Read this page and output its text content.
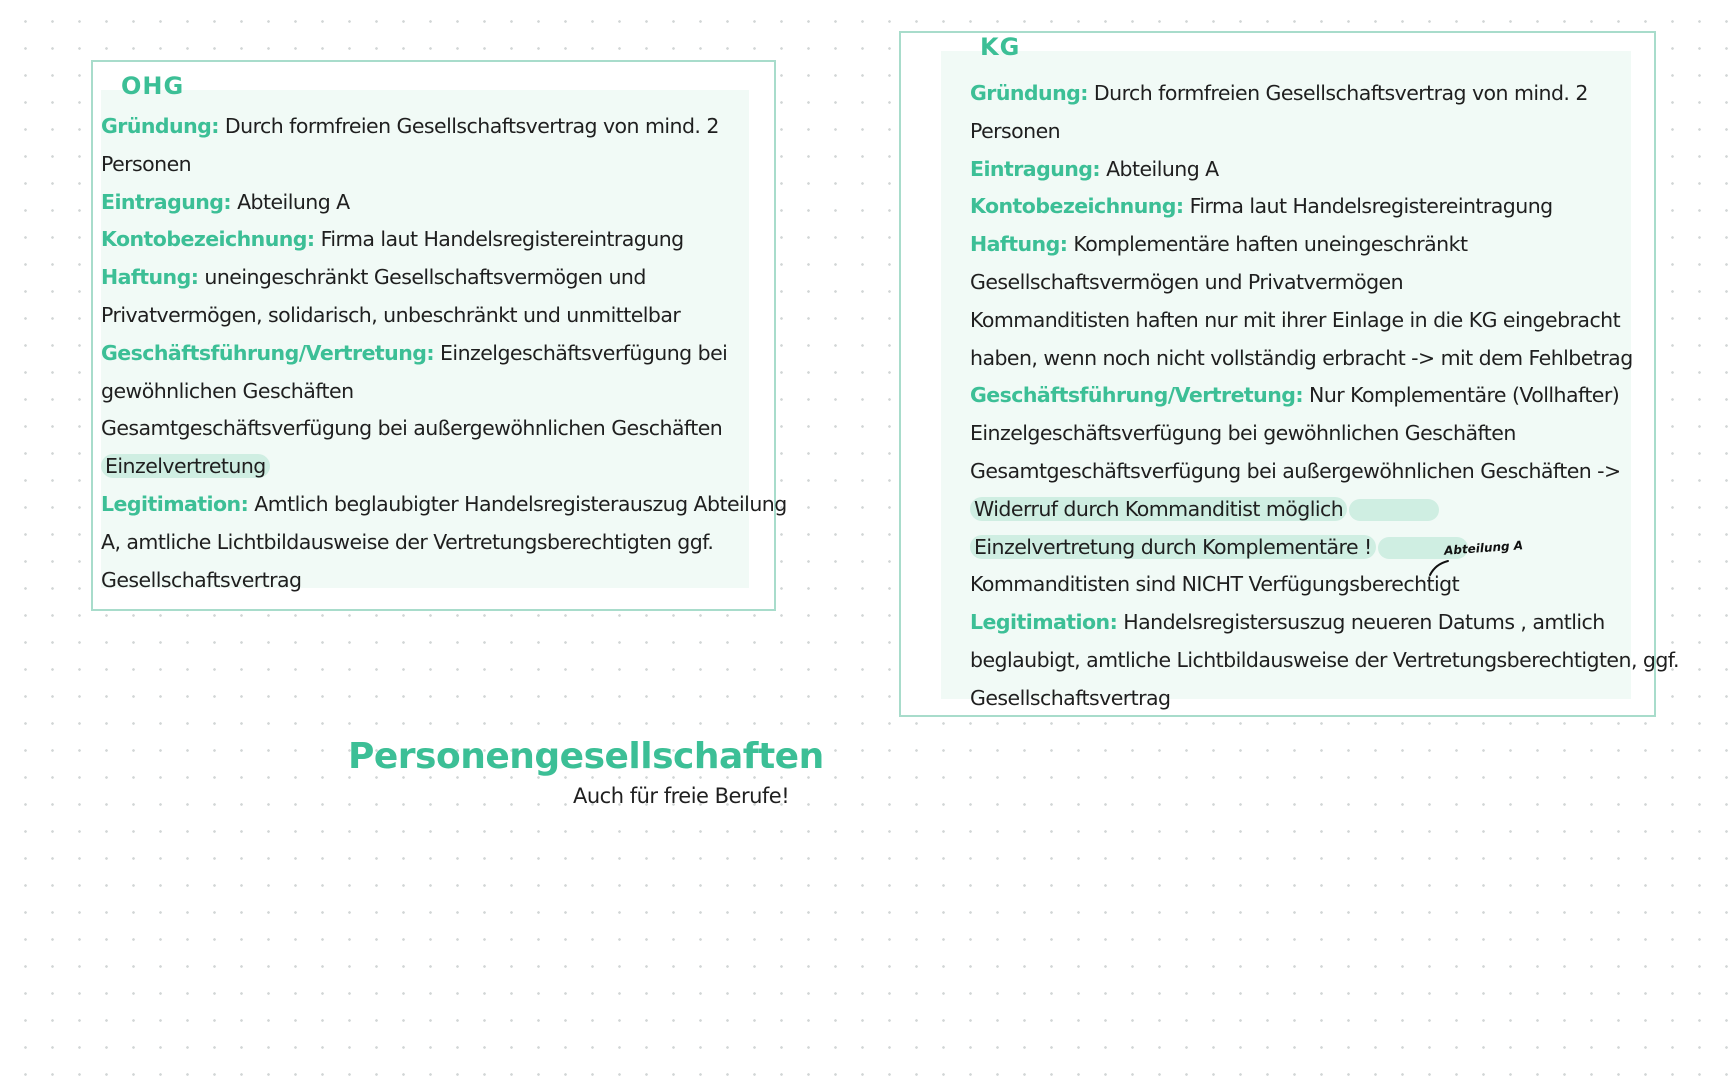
OHG
Gründung: Durch formfreien Gesellschaftsvertrag von mind. 2
Personen
Eintragung: Abteilung A
Kontobezeichnung: Firma laut Handelsregistereintragung
Haftung: uneingeschränkt Gesellschaftsvermögen und
Privatvermögen, solidarisch, unbeschränkt und unmittelbar
Geschäftsführung/Vertretung: Einzelgeschäftsverfügung bei
gewöhnlichen Geschäften
Gesamtgeschäftsverfügung bei außergewöhnlichen Geschäften
Einzelvertretung
Legitimation: Amtlich beglaubigter Handelsregisterauszug Abteilung
A, amtliche Lichtbildausweise der Vertretungsberechtigten ggf.
Gesellschaftsvertrag
KG
Gründung: Durch formfreien Gesellschaftsvertrag von mind. 2
Personen
Eintragung: Abteilung A
Kontobezeichnung: Firma laut Handelsregistereintragung
Haftung: Komplementäre haften uneingeschränkt
Gesellschaftsvermögen und Privatvermögen
Kommanditisten haften nur mit ihrer Einlage in die KG eingebracht
haben, wenn noch nicht vollständig erbracht -> mit dem Fehlbetrag
Geschäftsführung/Vertretung: Nur Komplementäre (Vollhafter)
Einzelgeschäftsverfügung bei gewöhnlichen Geschäften
Gesamtgeschäftsverfügung bei außergewöhnlichen Geschäften ->
Widerruf durch Kommanditist möglich
Einzelvertretung durch Komplementäre !
Kommanditisten sind NICHT Verfügungsberechtigt
Legitimation: Handelsregistersuszug neueren Datums , amtlich
beglaubigt, amtliche Lichtbildausweise der Vertretungsberechtigten, ggf.
Gesellschaftsvertrag
Abteilung A
Personengesellschaften

Auch für freie Berufe!
